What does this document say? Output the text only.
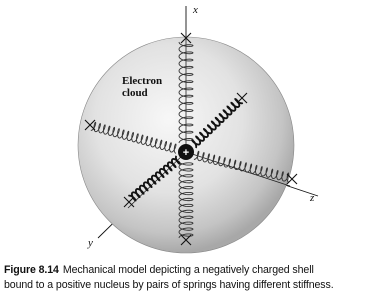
+
x
z
y
Electron
cloud
Figure 8.14 Mechanical model depicting a negatively charged shell
bound to a positive nucleus by pairs of springs having different stiffness.
